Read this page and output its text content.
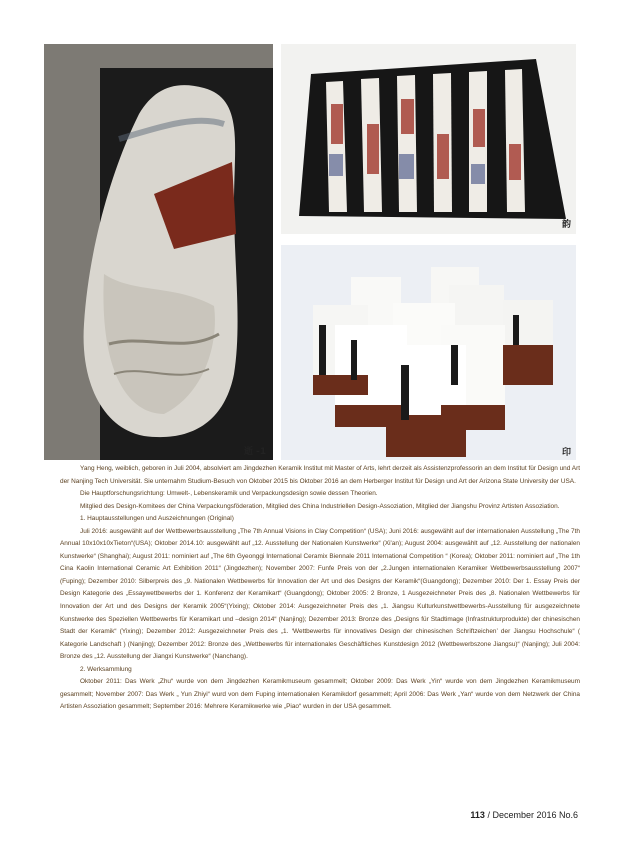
逝 -1
韵
印

Yang Heng, weiblich, geboren in Juli 2004, absolviert am Jingdezhen Keramik Institut mit Master of Arts, lehrt derzeit als Assistenzprofessorin an dem Institut für Design und Art der Nanjing Tech Universität. Sie unternahm Studium-Besuch von Oktober 2015 bis Oktober 2016 an dem Herberger Institut für Design und Art der Arizona State University der USA.

Die Hauptforschungsrichtung: Umwelt-, Lebenskeramik und Verpackungsdesign sowie dessen Theorien.

Mitglied des Design-Komitees der China Verpackungsföderation, Mitglied des China Industriellen Design-Assoziation, Mitglied der Jiangshu Provinz Artisten Assoziation.

1. Hauptausstellungen und Auszeichnungen (Original)

Juli 2016: ausgewählt auf der Wettbewerbsausstellung „The 7th Annual Visions in Clay Competition“ (USA); Juni 2016: ausgewählt auf der internationalen Ausstellung „The 7th Annual 10x10x10xTieton“(USA); Oktober 2014.10: ausgewählt auf „12. Ausstellung der Nationalen Kunstwerke“ (Xi'an); August 2004: ausgewählt auf „12. Ausstellung der nationalen Kunstwerke“ (Shanghai); August 2011: nominiert auf „The 6th Gyeonggi International Ceramix Biennale 2011 International Competition “ (Korea); Oktober 2011: nominiert auf „The 1th Cina Kaolin International Ceramic Art Exhibition 2011“ (Jingdezhen); November 2007: Funfe Preis von der „2.Jungen internationalen Keramiker Wettbewerbsausstellung 2007“ (Fuping); Dezember 2010: Silberpreis des „9. Nationalen Wettbewerbs für Innovation der Art und des Designs der Keramik“(Guangdong); Dezember 2010: Der 1. Essay Preis der Design Kategorie des „Essaywettbewerbs der 1. Konferenz der Keramikart“ (Guangdong); Oktober 2005: 2 Bronze, 1 Ausgezeichneter Preis des „8. Nationalen Wettbewerbs für Innovation der Art und des Designs der Keramik 2005“(Yixing); Oktober 2014: Ausgezeichneter Preis des „1. Jiangsu Kulturkunstwettbewerbs-Ausstellung für ausgezeichnete Kunstwerke des Speziellen Wettbewerbs für Keramikart und –design 2014“ (Nanjing); Dezember 2013: Bronze des „Designs für Stadtimage (Infrastrukturprodukte) der chinesischen Stadt der Keramik“ (Yixing); Dezember 2012: Ausgezeichneter Preis des „1. ‘Wettbewerbs für innovatives Design der chinesischen Schriftzeichen’ der Jiangsu Hochschule“ ( Kategorie Landschaft ) (Nanjing); Dezember 2012: Bronze des „Wettbewerbs für internationales Geschäftliches Kunstdesign 2012 (Wettbewerbszone Jiangsu)“ (Nanjing); Juli 2004: Bronze des „12. Ausstellung der Jiangxi Kunstwerke“ (Nanchang).

2. Werksammlung

Oktober 2011: Das Werk „Zhu“ wurde von dem Jingdezhen Keramikmuseum gesammelt; Oktober 2009: Das Werk „Yin“ wurde von dem Jingdezhen Keramikmuseum gesammelt; November 2007: Das Werk „ Yun Zhiyi“ wurd von dem Fuping internationalen Keramikdorf gesammelt; April 2006: Das Werk „Yan“ wurde von dem Netzwerk der China Artisten Assoziation gesammelt; September 2016: Mehrere Keramikwerke wie „Piao“ wurden in der USA gesammelt.

113 / December 2016 No.6
